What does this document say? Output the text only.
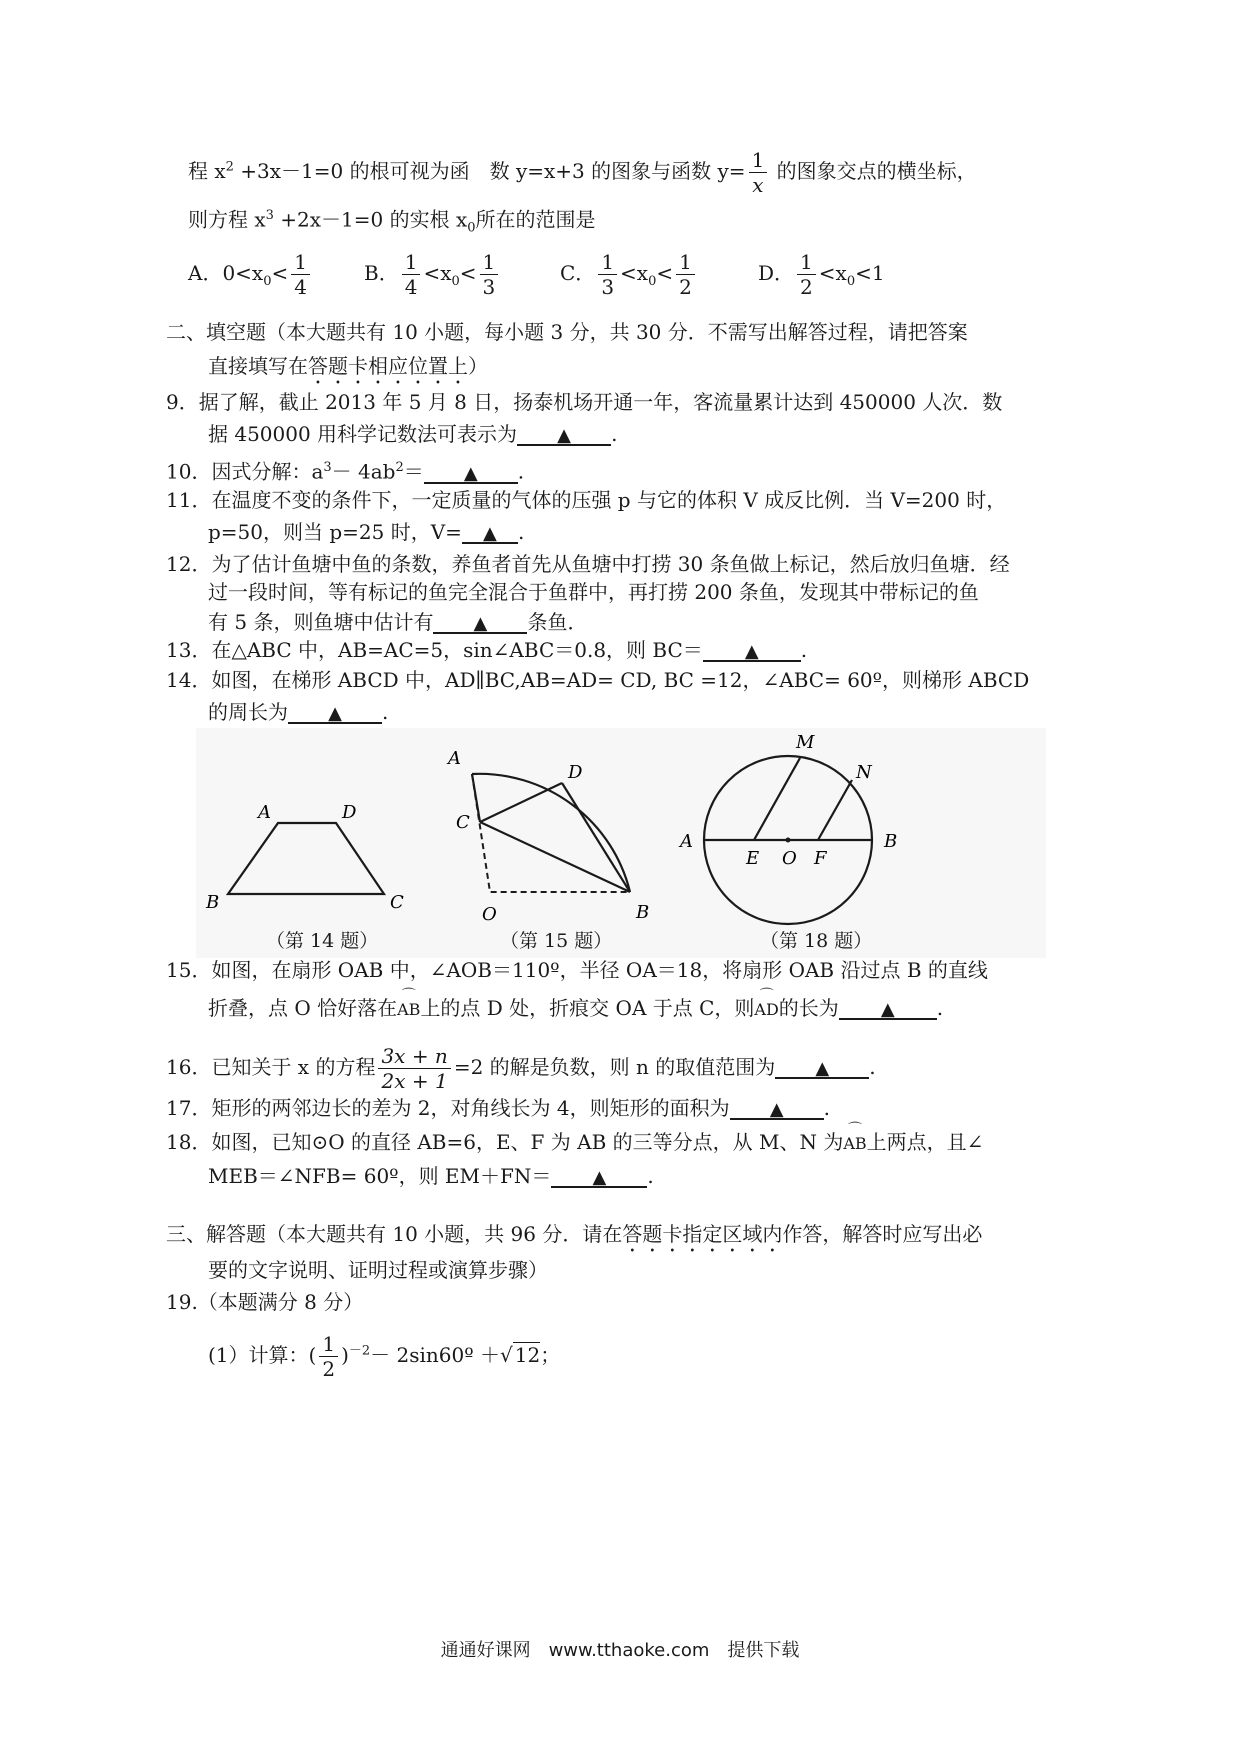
程 $x^2 +3x-1=0$ 的根可视为函　数 y=x+3 的图象与函数 $y= \frac{1}{x}$ 的图象交点的横坐标，
则方程 $x^3 +2x-1=0$ 的实根 $x_0$所在的范围是
A．$0<x_0< \frac{1}{4}$	B． $\frac{1}{4} <x_0< \frac{1}{3}$	C． $\frac{1}{3} <x_0< \frac{1}{2}$	D． $\frac{1}{2} <x_0<1$
二、填空题（本大题共有 10 小题，每小题 3 分，共 30 分．不需写出解答过程，请把答案
直接填写在答题卡相应位置上）
9．据了解，截止 2013 年 5 月 8 日，扬泰机场开通一年，客流量累计达到 450000 人次．数
据 450000 用科学记数法可表示为 ▲ .
10．因式分解：$a^3- 4ab^2=$ ▲ .
11．在温度不变的条件下，一定质量的气体的压强 p 与它的体积 V 成反比例．当 V=200 时，
p=50，则当 p=25 时，V= ▲ .
12．为了估计鱼塘中鱼的条数，养鱼者首先从鱼塘中打捞 30 条鱼做上标记，然后放归鱼塘．经
过一段时间，等有标记的鱼完全混合于鱼群中，再打捞 200 条鱼，发现其中带标记的鱼
有 5 条，则鱼塘中估计有 ▲ 条鱼．
13．在△ABC 中，AB=AC=5，sin∠ABC＝0.8，则 BC＝ ▲ .
14．如图，在梯形 ABCD 中，AD∥BC,AB=AD= CD, BC =12，∠ABC= 60º，则梯形 ABCD
的周长为 ▲ .
A	D
B	C
A
D
C
O	B
A	B
E O F
M
N
（第 14 题）	（第 15 题）	（第 18 题）
15．如图，在扇形 OAB 中，∠AOB＝110º，半径 OA＝18，将扇形 OAB 沿过点 B 的直线
折叠，点 O 恰好落在 ⌒
AB上的点 D 处，折痕交 OA 于点 C，则 ⌒
AD的长为 ▲ .
16．已知关于 x 的方程 $\frac{3x + n}{2x + 1} =2$ 的解是负数，则 n 的取值范围为 ▲ .
17．矩形的两邻边长的差为 2，对角线长为 4，则矩形的面积为 ▲ .
18．如图，已知⊙O 的直径 AB=6，E、F 为 AB 的三等分点，从 M、N 为 ⌒
AB上两点，且∠
MEB＝∠NFB= 60º，则 EM＋FN＝ ▲ .
三、解答题（本大题共有 10 小题，共 96 分．请在答题卡指定区域内作答，解答时应写出必
要的文字说明、证明过程或演算步骤）
19.（本题满分 8 分）
(1）计算：( $\frac{1}{2} )^{-2}-$ 2sin60º ＋√ 12；
通通好课网　www.tthaoke.com　提供下载
